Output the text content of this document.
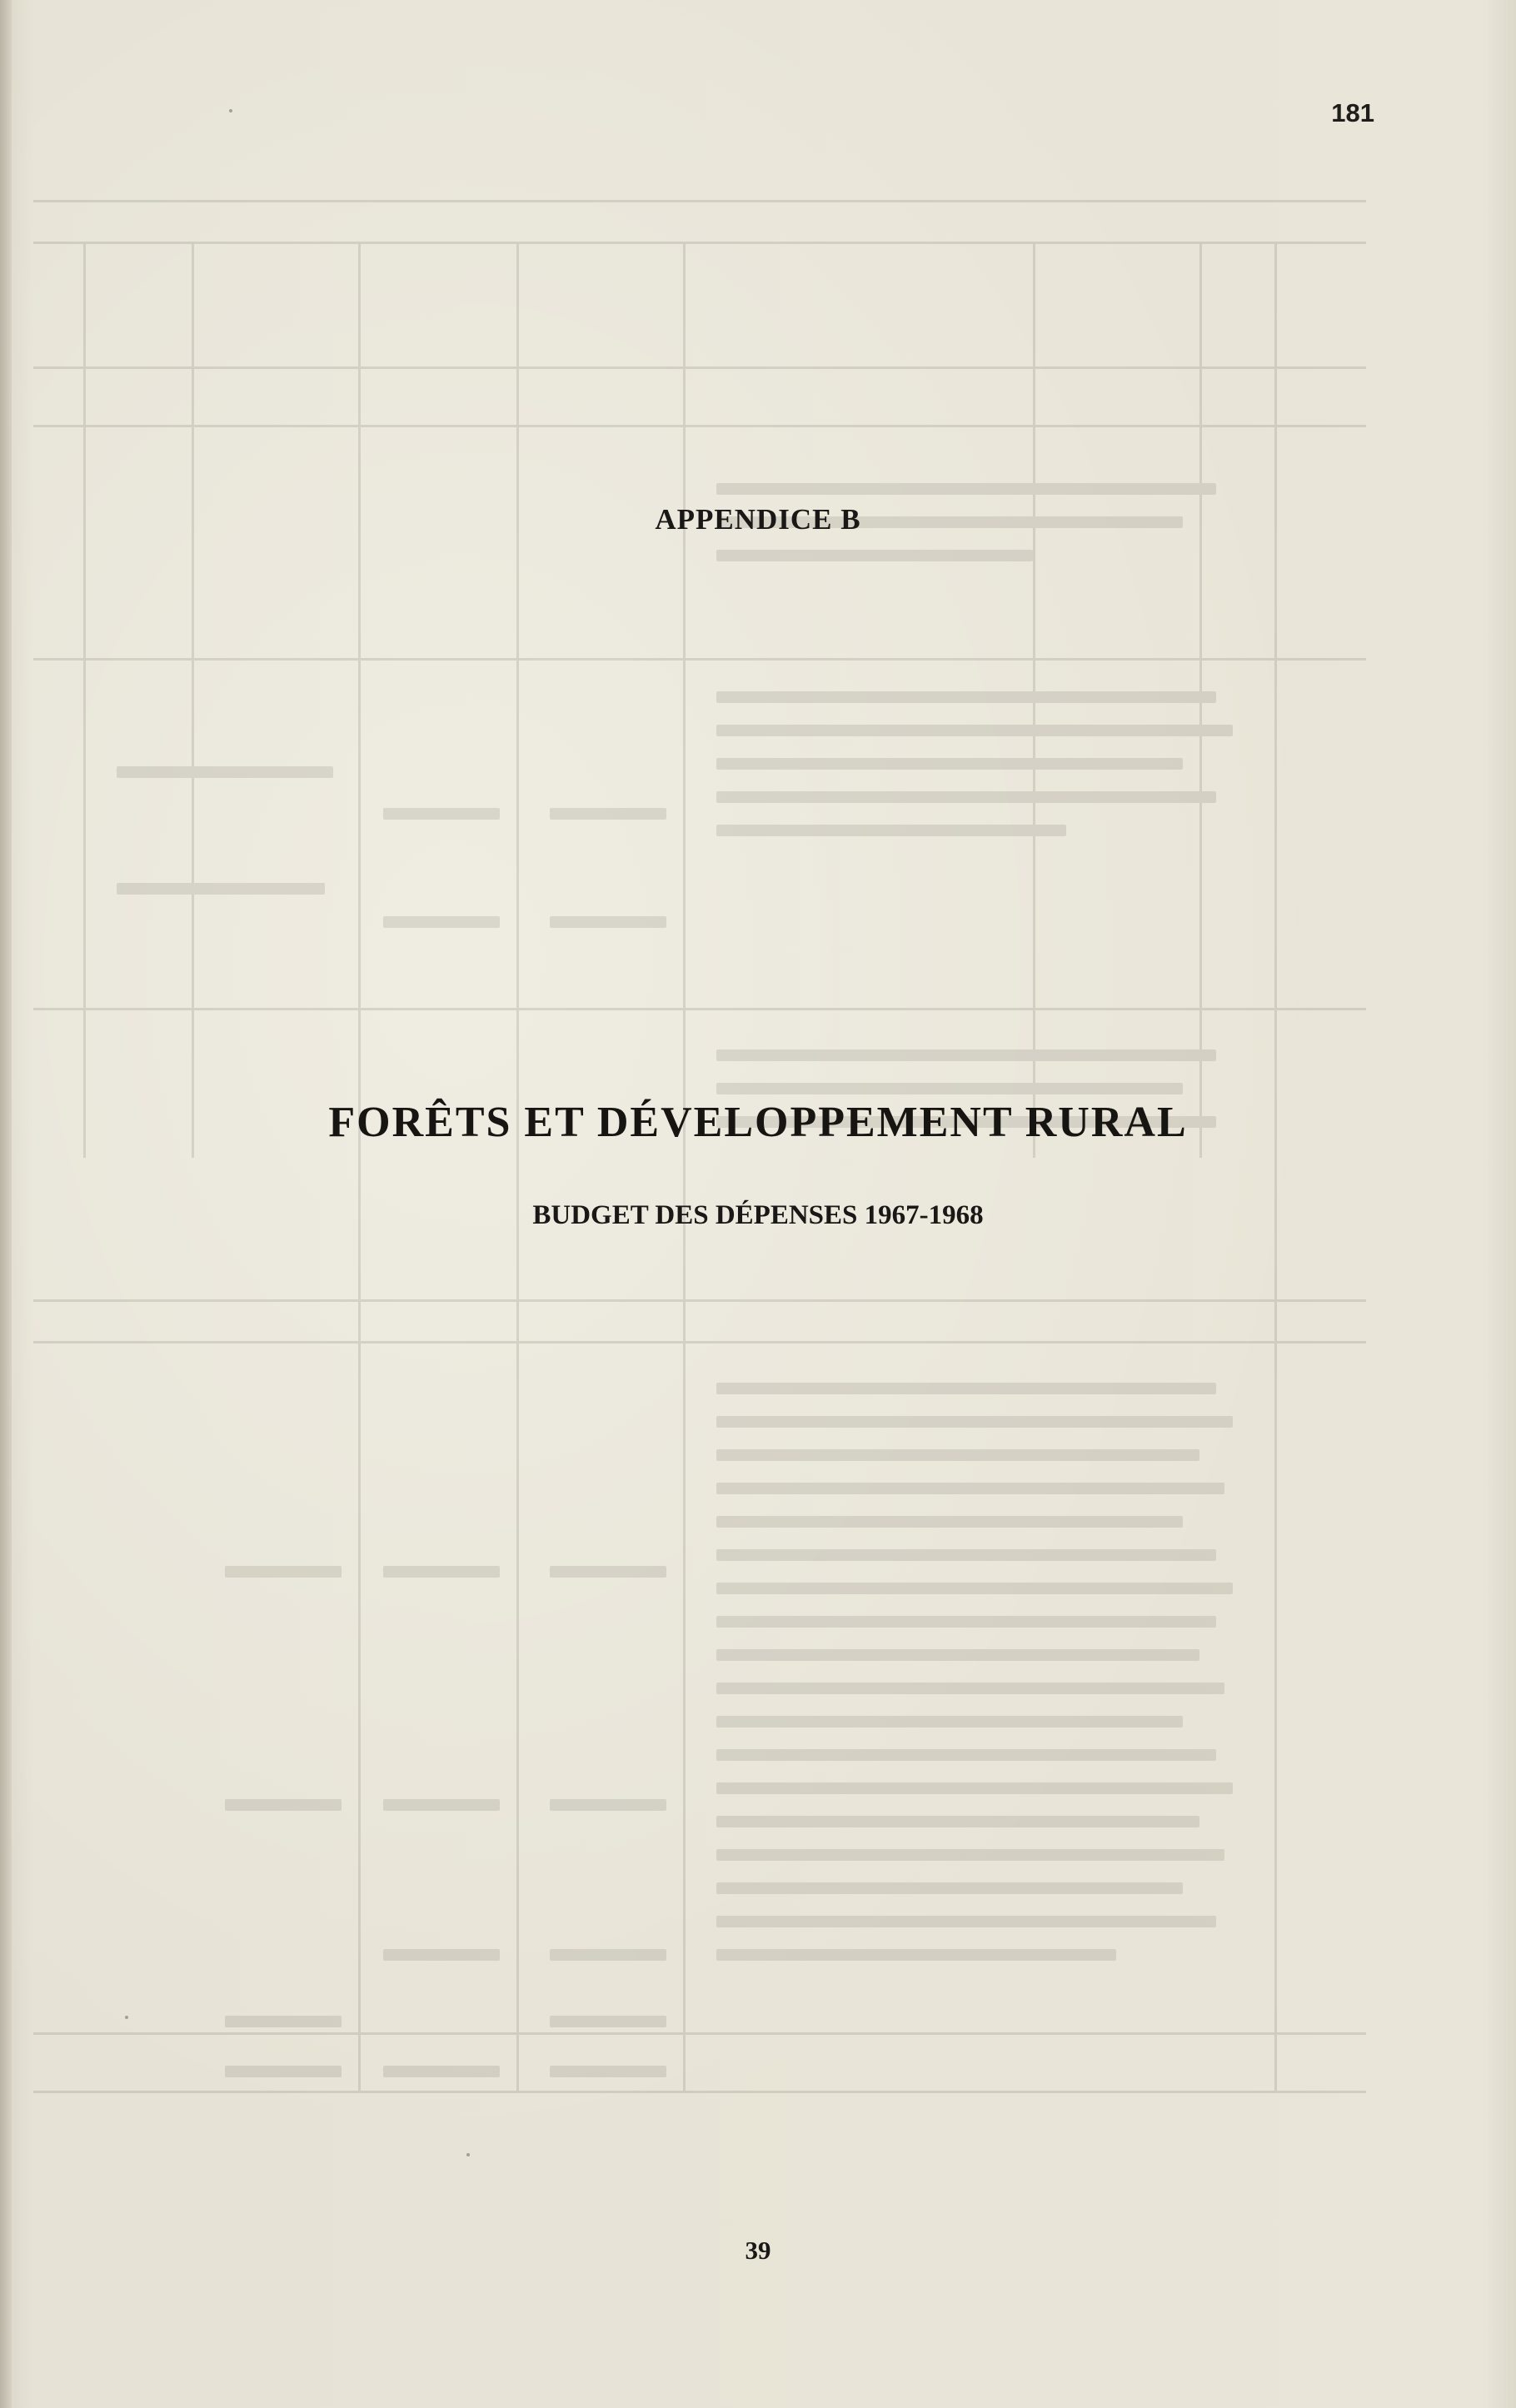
181
APPENDICE B
FORÊTS ET DÉVELOPPEMENT RURAL
BUDGET DES DÉPENSES 1967-1968
39
